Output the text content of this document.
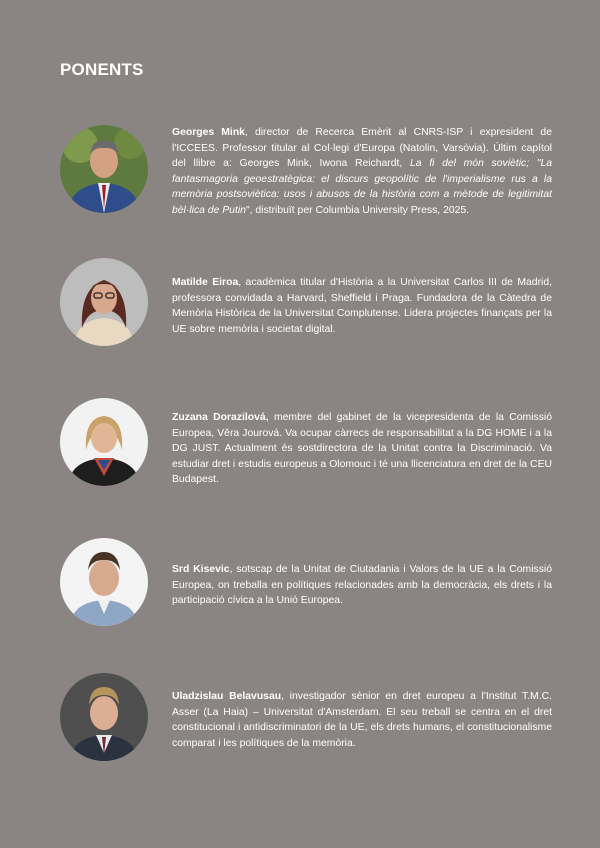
PONENTS
Georges Mink, director de Recerca Emèrit al CNRS-ISP i expresident de l'ICCEES. Professor titular al Col·legi d'Europa (Natolin, Varsòvia). Últim capítol del llibre a: Georges Mink, Iwona Reichardt, La fi del món soviètic; "La fantasmagoria geoestratègica: el discurs geopolític de l'imperialisme rus a la memòria postsoviètica: usos i abusos de la història com a mètode de legitimitat bèl·lica de Putin", distribuït per Columbia University Press, 2025.
Matilde Eiroa, acadèmica titular d'Història a la Universitat Carlos III de Madrid, professora convidada a Harvard, Sheffield i Praga. Fundadora de la Càtedra de Memòria Històrica de la Universitat Complutense. Lidera projectes finançats per la UE sobre memòria i societat digital.
Zuzana Dorazilová, membre del gabinet de la vicepresidenta de la Comissió Europea, Věra Jourová. Va ocupar càrrecs de responsabilitat a la DG HOME i a la DG JUST. Actualment és sostdirectora de la Unitat contra la Discriminació. Va estudiar dret i estudis europeus a Olomouc i té una llicenciatura en dret de la CEU Budapest.
Srd Kisevic, sotscap de la Unitat de Ciutadania i Valors de la UE a la Comissió Europea, on treballa en polítiques relacionades amb la democràcia, els drets i la participació cívica a la Unió Europea.
Uladzislau Belavusau, investigador sènior en dret europeu a l'Institut T.M.C. Asser (La Haia) – Universitat d'Amsterdam. El seu treball se centra en el dret constitucional i antidiscriminatori de la UE, els drets humans, el constitucionalisme comparat i les polítiques de la memòria.
